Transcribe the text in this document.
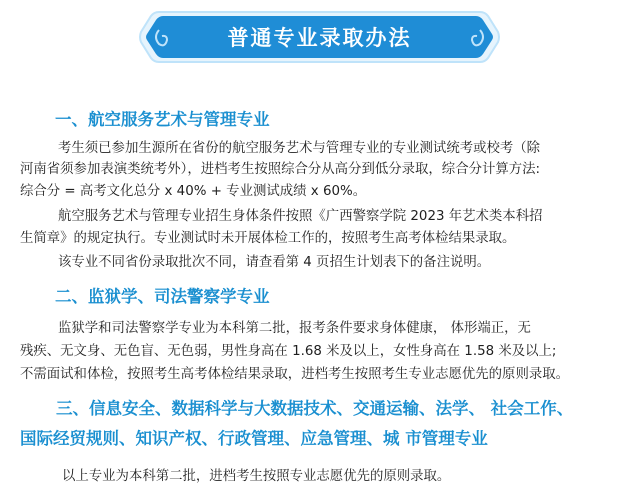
普通专业录取办法
一、航空服务艺术与管理专业
考生须已参加生源所在省份的航空服务艺术与管理专业的专业测试统考或校考（除
河南省须参加表演类统考外），进档考生按照综合分从高分到低分录取，综合分计算方法:
综合分 = 高考文化总分 x 40% + 专业测试成绩 x 60%。
航空服务艺术与管理专业招生身体条件按照《广西警察学院 2023 年艺术类本科招
生简章》的规定执行。专业测试时未开展体检工作的，按照考生高考体检结果录取。
该专业不同省份录取批次不同，请查看第 4 页招生计划表下的备注说明。
二、监狱学、司法警察学专业
监狱学和司法警察学专业为本科第二批，报考条件要求身体健康， 体形端正，无
残疾、无文身、无色盲、无色弱，男性身高在 1.68 米及以上，女性身高在 1.58 米及以上;
不需面试和体检，按照考生高考体检结果录取，进档考生按照考生专业志愿优先的原则录取。
三、信息安全、数据科学与大数据技术、交通运输、法学、 社会工作、
国际经贸规则、知识产权、行政管理、应急管理、城 市管理专业
以上专业为本科第二批，进档考生按照专业志愿优先的原则录取。
